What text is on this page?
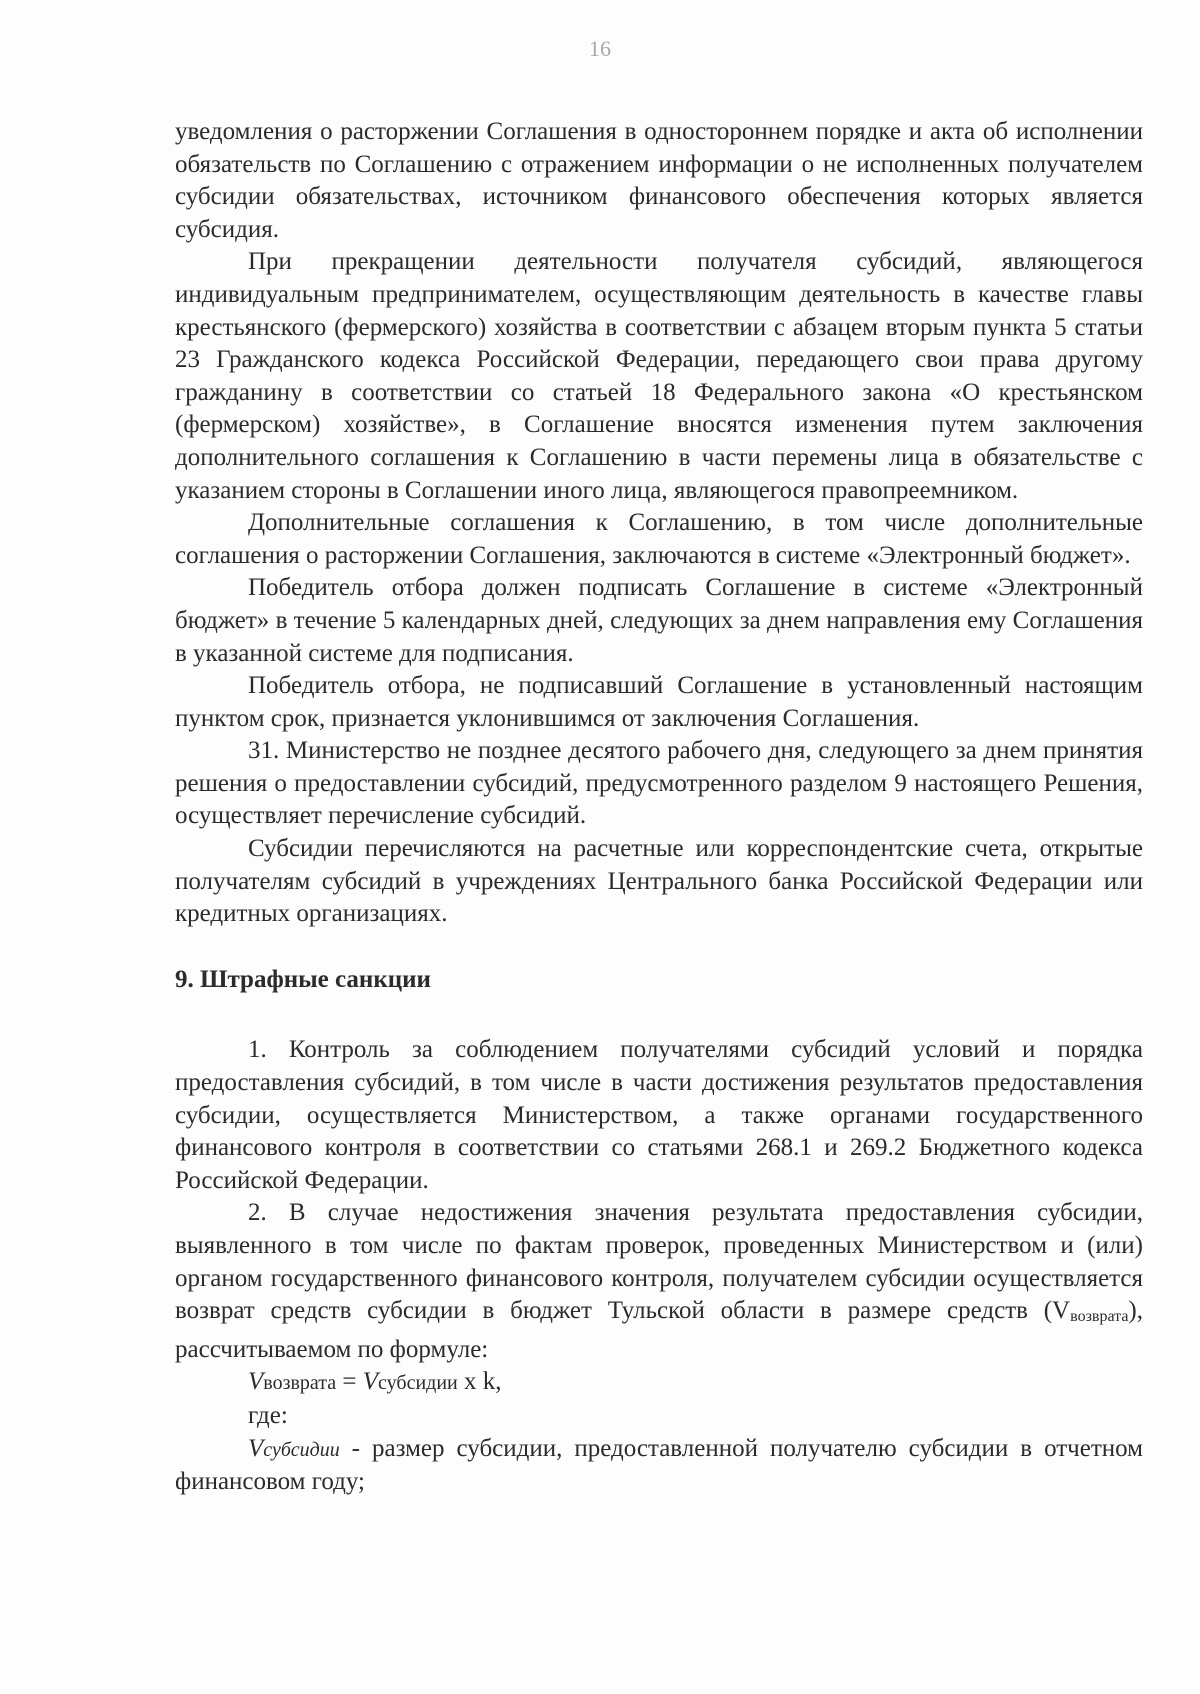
16

уведомления о расторжении Соглашения в одностороннем порядке и акта об исполнении обязательств по Соглашению с отражением информации о не исполненных получателем субсидии обязательствах, источником финансового обеспечения которых является субсидия.

При прекращении деятельности получателя субсидий, являющегося индивидуальным предпринимателем, осуществляющим деятельность в качестве главы крестьянского (фермерского) хозяйства в соответствии с абзацем вторым пункта 5 статьи 23 Гражданского кодекса Российской Федерации, передающего свои права другому гражданину в соответствии со статьей 18 Федерального закона «О крестьянском (фермерском) хозяйстве», в Соглашение вносятся изменения путем заключения дополнительного соглашения к Соглашению в части перемены лица в обязательстве с указанием стороны в Соглашении иного лица, являющегося правопреемником.

Дополнительные соглашения к Соглашению, в том числе дополнительные соглашения о расторжении Соглашения, заключаются в системе «Электронный бюджет».

Победитель отбора должен подписать Соглашение в системе «Электронный бюджет» в течение 5 календарных дней, следующих за днем направления ему Соглашения в указанной системе для подписания.

Победитель отбора, не подписавший Соглашение в установленный настоящим пунктом срок, признается уклонившимся от заключения Соглашения.

31. Министерство не позднее десятого рабочего дня, следующего за днем принятия решения о предоставлении субсидий, предусмотренного разделом 9 настоящего Решения, осуществляет перечисление субсидий.

Субсидии перечисляются на расчетные или корреспондентские счета, открытые получателям субсидий в учреждениях Центрального банка Российской Федерации или кредитных организациях.

9. Штрафные санкции

1. Контроль за соблюдением получателями субсидий условий и порядка предоставления субсидий, в том числе в части достижения результатов предоставления субсидии, осуществляется Министерством, а также органами государственного финансового контроля в соответствии со статьями 268.1 и 269.2 Бюджетного кодекса Российской Федерации.

2. В случае недостижения значения результата предоставления субсидии, выявленного в том числе по фактам проверок, проведенных Министерством и (или) органом государственного финансового контроля, получателем субсидии осуществляется возврат средств субсидии в бюджет Тульской области в размере средств (Vвозврата), рассчитываемом по формуле:

Vвозврата = Vсубсидии x k,

где:

Vсубсидии - размер субсидии, предоставленной получателю субсидии в отчетном финансовом году;
